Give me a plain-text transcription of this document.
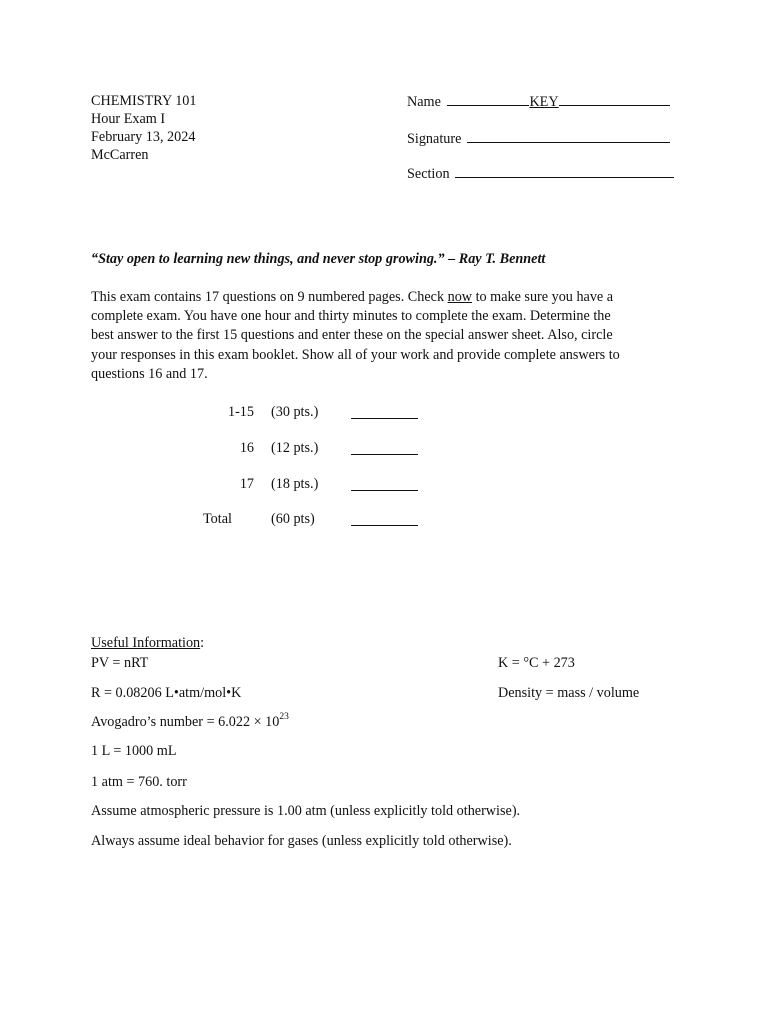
CHEMISTRY 101
Hour Exam I
February 13, 2024
McCarren
Name	KEY
Signature
Section
“Stay open to learning new things, and never stop growing.” – Ray T. Bennett
This exam contains 17 questions on 9 numbered pages. Check now to make sure you have a
complete exam. You have one hour and thirty minutes to complete the exam. Determine the
best answer to the first 15 questions and enter these on the special answer sheet. Also, circle
your responses in this exam booklet. Show all of your work and provide complete answers to
questions 16 and 17.
1-15 (30 pts.)
16 (12 pts.)
17 (18 pts.)
Total	(60 pts)
Useful Information:
PV = nRT	K = °C + 273
R = 0.08206 L•atm/mol•K	Density = mass / volume
Avogadro’s number = $6.022 \times 10^{23}$
1 L = 1000 mL
1 atm = 760. torr
Assume atmospheric pressure is 1.00 atm (unless explicitly told otherwise).
Always assume ideal behavior for gases (unless explicitly told otherwise).
